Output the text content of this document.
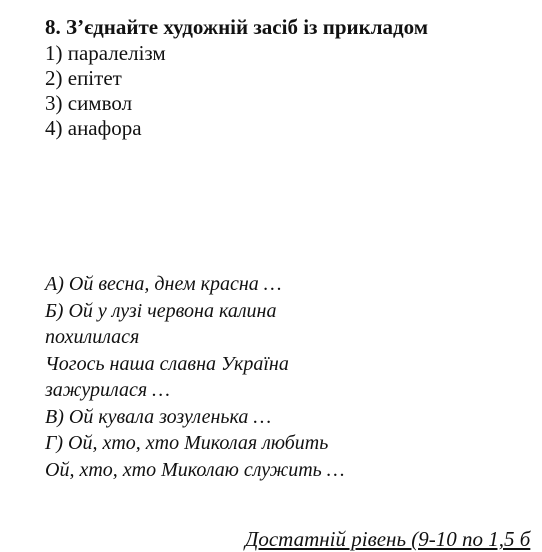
8. З’єднайте художній засіб із прикладом
1) паралелізм
2) епітет
3) символ
4) анафора
А) Ой весна, днем красна …
Б) Ой у лузі червона калина
похилилася
Чогось наша славна Україна
зажурилася …
В) Ой кувала зозуленька …
Г) Ой, хто, хто Миколая любить
Ой, хто, хто Миколаю служить …
Достатній рівень (9-10 по 1,5 б
